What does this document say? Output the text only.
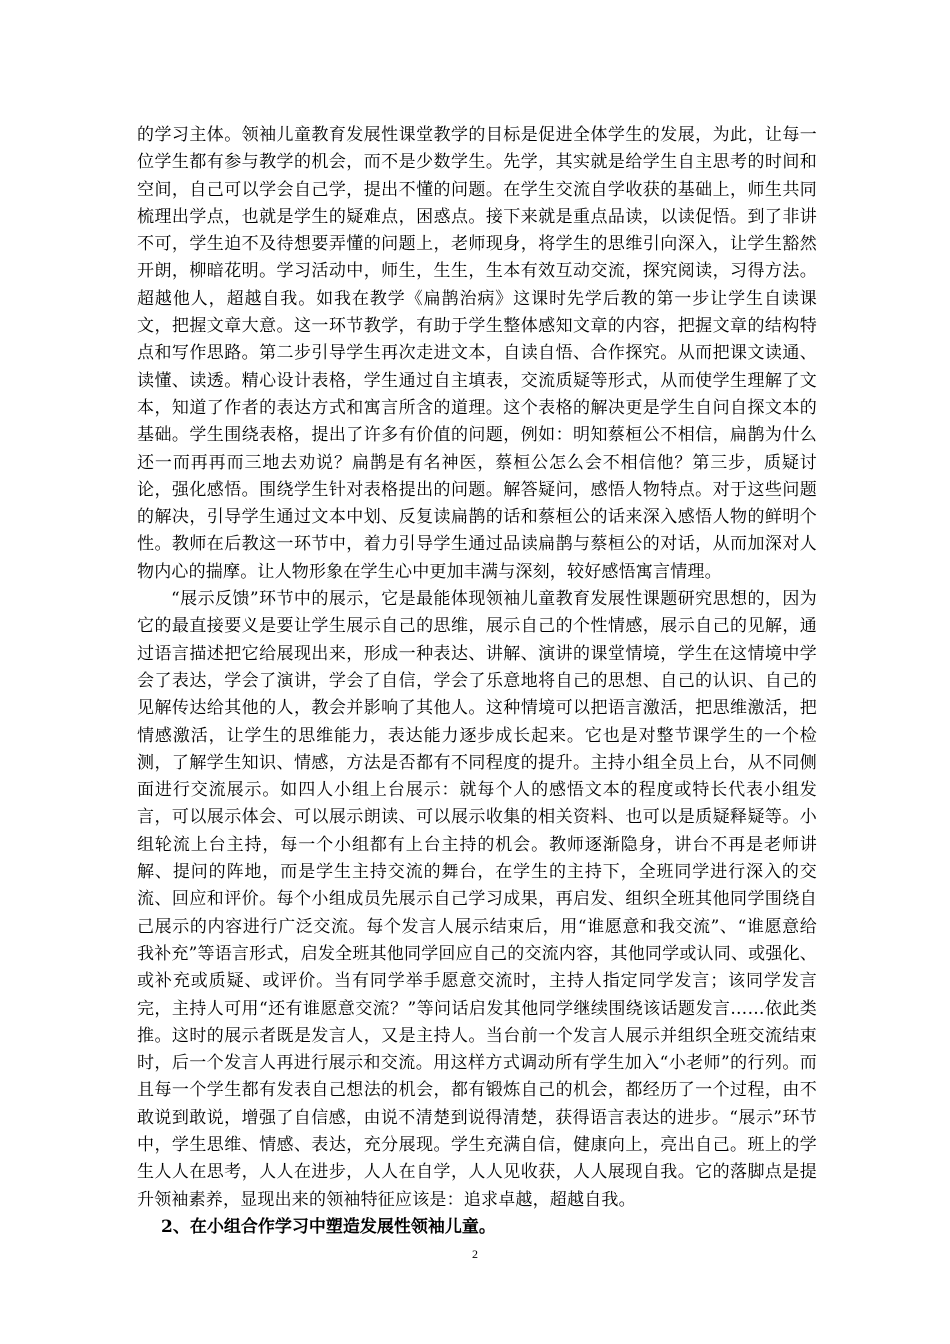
的学习主体。领袖儿童教育发展性课堂教学的目标是促进全体学生的发展，为此，让每一位学生都有参与教学的机会，而不是少数学生。先学，其实就是给学生自主思考的时间和空间，自己可以学会自己学，提出不懂的问题。在学生交流自学收获的基础上，师生共同梳理出学点，也就是学生的疑难点，困惑点。接下来就是重点品读，以读促悟。到了非讲不可，学生迫不及待想要弄懂的问题上，老师现身，将学生的思维引向深入，让学生豁然开朗，柳暗花明。学习活动中，师生，生生，生本有效互动交流，探究阅读，习得方法。超越他人，超越自我。如我在教学《扁鹊治病》这课时先学后教的第一步让学生自读课文，把握文章大意。这一环节教学，有助于学生整体感知文章的内容，把握文章的结构特点和写作思路。第二步引导学生再次走进文本，自读自悟、合作探究。从而把课文读通、读懂、读透。精心设计表格，学生通过自主填表，交流质疑等形式，从而使学生理解了文本，知道了作者的表达方式和寓言所含的道理。这个表格的解决更是学生自问自探文本的基础。学生围绕表格，提出了许多有价值的问题，例如：明知蔡桓公不相信，扁鹊为什么还一而再再而三地去劝说？扁鹊是有名神医，蔡桓公怎么会不相信他？第三步，质疑讨论，强化感悟。围绕学生针对表格提出的问题。解答疑问，感悟人物特点。对于这些问题的解决，引导学生通过文本中划、反复读扁鹊的话和蔡桓公的话来深入感悟人物的鲜明个性。教师在后教这一环节中，着力引导学生通过品读扁鹊与蔡桓公的对话，从而加深对人物内心的揣摩。让人物形象在学生心中更加丰满与深刻，较好感悟寓言情理。

“展示反馈”环节中的展示，它是最能体现领袖儿童教育发展性课题研究思想的，因为它的最直接要义是要让学生展示自己的思维，展示自己的个性情感，展示自己的见解，通过语言描述把它给展现出来，形成一种表达、讲解、演讲的课堂情境，学生在这情境中学会了表达，学会了演讲，学会了自信，学会了乐意地将自己的思想、自己的认识、自己的见解传达给其他的人，教会并影响了其他人。这种情境可以把语言激活，把思维激活，把情感激活，让学生的思维能力，表达能力逐步成长起来。它也是对整节课学生的一个检测，了解学生知识、情感，方法是否都有不同程度的提升。主持小组全员上台，从不同侧面进行交流展示。如四人小组上台展示：就每个人的感悟文本的程度或特长代表小组发言，可以展示体会、可以展示朗读、可以展示收集的相关资料、也可以是质疑释疑等。小组轮流上台主持，每一个小组都有上台主持的机会。教师逐渐隐身，讲台不再是老师讲解、提问的阵地，而是学生主持交流的舞台，在学生的主持下，全班同学进行深入的交流、回应和评价。每个小组成员先展示自己学习成果，再启发、组织全班其他同学围绕自己展示的内容进行广泛交流。每个发言人展示结束后，用“谁愿意和我交流”、“谁愿意给我补充”等语言形式，启发全班其他同学回应自己的交流内容，其他同学或认同、或强化、或补充或质疑、或评价。当有同学举手愿意交流时，主持人指定同学发言；该同学发言完，主持人可用“还有谁愿意交流？”等问话启发其他同学继续围绕该话题发言……依此类推。这时的展示者既是发言人，又是主持人。当台前一个发言人展示并组织全班交流结束时，后一个发言人再进行展示和交流。用这样方式调动所有学生加入“小老师”的行列。而且每一个学生都有发表自己想法的机会，都有锻炼自己的机会，都经历了一个过程，由不敢说到敢说，增强了自信感，由说不清楚到说得清楚，获得语言表达的进步。“展示”环节中，学生思维、情感、表达，充分展现。学生充满自信，健康向上，亮出自己。班上的学生人人在思考，人人在进步，人人在自学，人人见收获，人人展现自我。它的落脚点是提升领袖素养，显现出来的领袖特征应该是：追求卓越，超越自我。

2、在小组合作学习中塑造发展性领袖儿童。

2
